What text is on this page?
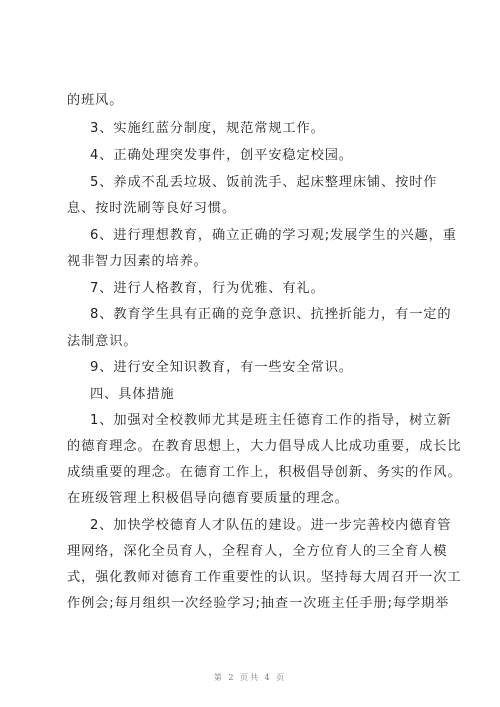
的班风。
3、实施红蓝分制度，规范常规工作。
4、正确处理突发事件，创平安稳定校园。
5、养成不乱丢垃圾、饭前洗手、起床整理床铺、按时作
息、按时洗刷等良好习惯。
6、进行理想教育，确立正确的学习观;发展学生的兴趣，重
视非智力因素的培养。
7、进行人格教育，行为优雅、有礼。
8、教育学生具有正确的竞争意识、抗挫折能力，有一定的
法制意识。
9、进行安全知识教育，有一些安全常识。
四、具体措施
1、加强对全校教师尤其是班主任德育工作的指导，树立新
的德育理念。在教育思想上，大力倡导成人比成功重要，成长比
成绩重要的理念。在德育工作上，积极倡导创新、务实的作风。
在班级管理上积极倡导向德育要质量的理念。
2、加快学校德育人才队伍的建设。进一步完善校内德育管
理网络，深化全员育人，全程育人，全方位育人的三全育人模
式，强化教师对德育工作重要性的认识。坚持每大周召开一次工
作例会;每月组织一次经验学习;抽查一次班主任手册;每学期举
第 2 页共 4 页
